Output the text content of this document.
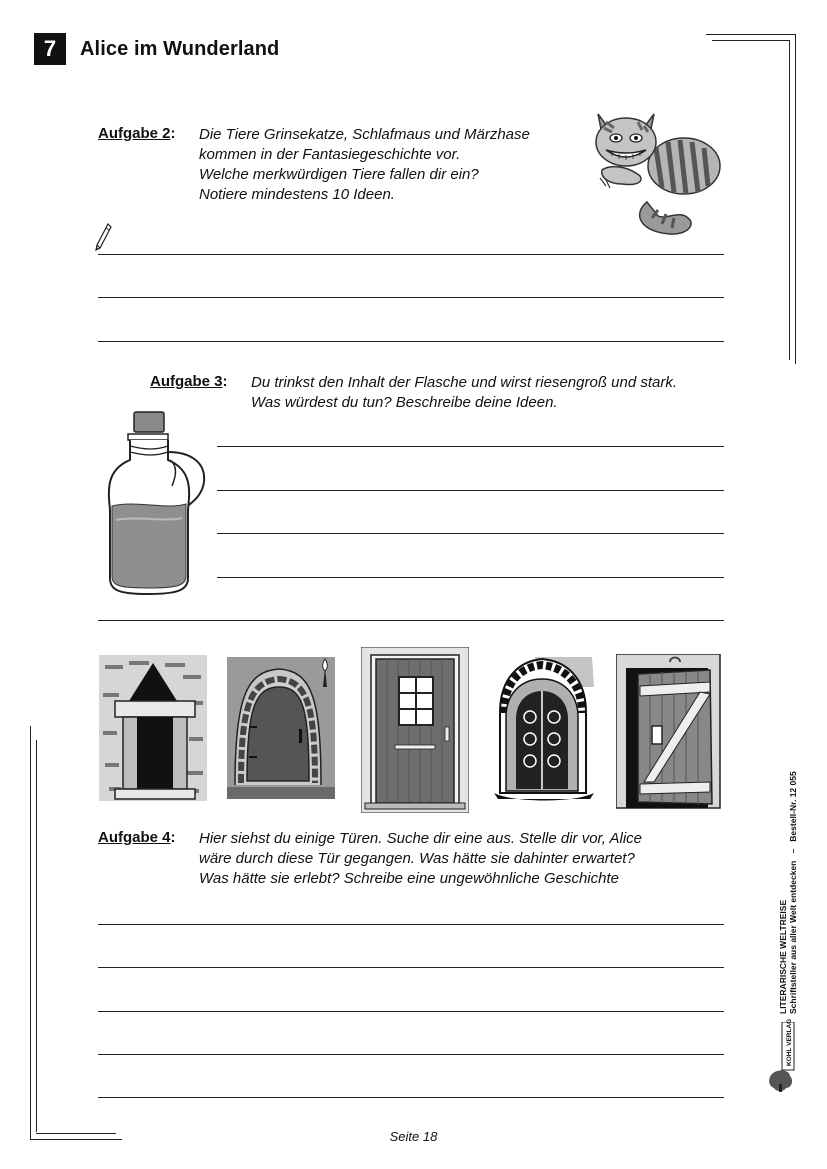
7	Alice im Wunderland
Aufgabe 2: Die Tiere Grinsekatze, Schlafmaus und Märzhase
kommen in der Fantasiegeschichte vor.
Welche merkwürdigen Tiere fallen dir ein?
Notiere mindestens 10 Ideen.
Aufgabe 3: Du trinkst den Inhalt der Flasche und wirst riesengroß und stark.
Was würdest du tun? Beschreibe deine Ideen.
Aufgabe 4: Hier siehst du einige Türen. Suche dir eine aus. Stelle dir vor, Alice
wäre durch diese Tür gegangen. Was hätte sie dahinter erwartet?
Was hätte sie erlebt? Schreibe eine ungewöhnliche Geschichte
Seite 18
LITERARISCHE WELTREISE Schriftsteller aus aller Welt entdecken   –   Bestell-Nr. 12 055
KOHL VERLAG
